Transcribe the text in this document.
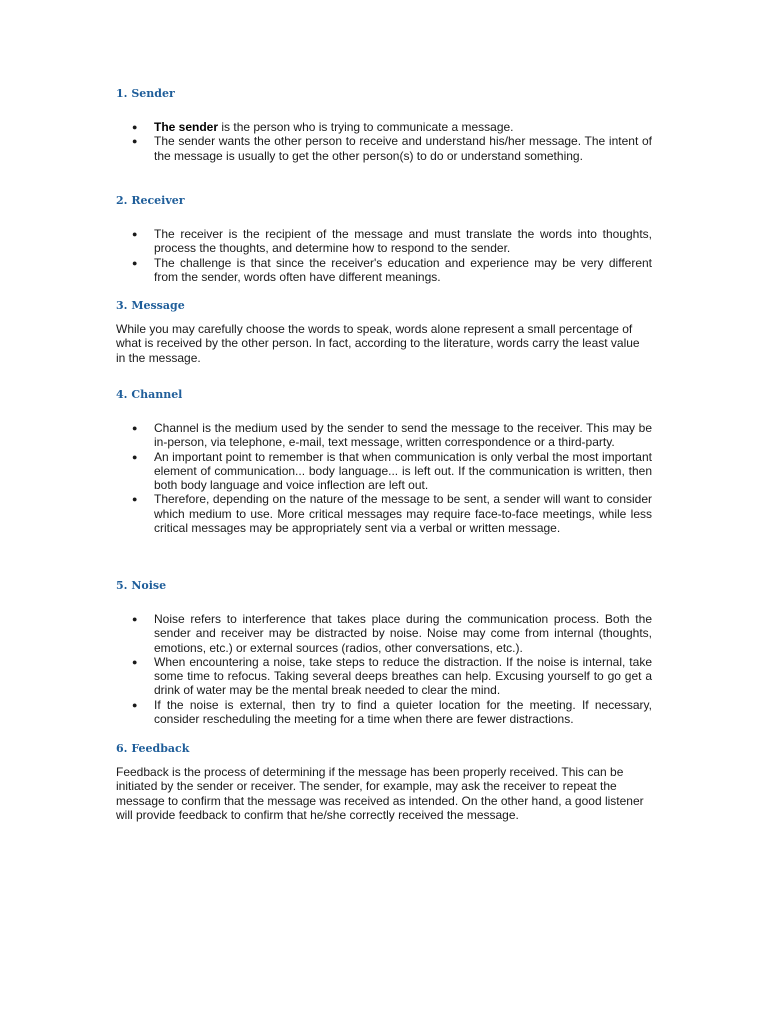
1. Sender
● The sender is the person who is trying to communicate a message.
● The sender wants the other person to receive and understand his/her message. The intent of the message is usually to get the other person(s) to do or understand something.
2. Receiver
● The receiver is the recipient of the message and must translate the words into thoughts, process the thoughts, and determine how to respond to the sender.
● The challenge is that since the receiver's education and experience may be very different from the sender, words often have different meanings.
3. Message

While you may carefully choose the words to speak, words alone represent a small percentage of what is received by the other person. In fact, according to the literature, words carry the least value in the message.

4. Channel
● Channel is the medium used by the sender to send the message to the receiver. This may be in-person, via telephone, e-mail, text message, written correspondence or a third-party.
● An important point to remember is that when communication is only verbal the most important element of communication... body language... is left out. If the communication is written, then both body language and voice inflection are left out.
● Therefore, depending on the nature of the message to be sent, a sender will want to consider which medium to use. More critical messages may require face-to-face meetings, while less critical messages may be appropriately sent via a verbal or written message.
5. Noise
● Noise refers to interference that takes place during the communication process. Both the sender and receiver may be distracted by noise. Noise may come from internal (thoughts, emotions, etc.) or external sources (radios, other conversations, etc.).
● When encountering a noise, take steps to reduce the distraction. If the noise is internal, take some time to refocus. Taking several deeps breathes can help. Excusing yourself to go get a drink of water may be the mental break needed to clear the mind.
● If the noise is external, then try to find a quieter location for the meeting. If necessary, consider rescheduling the meeting for a time when there are fewer distractions.
6. Feedback

Feedback is the process of determining if the message has been properly received. This can be initiated by the sender or receiver. The sender, for example, may ask the receiver to repeat the message to confirm that the message was received as intended. On the other hand, a good listener will provide feedback to confirm that he/she correctly received the message.
